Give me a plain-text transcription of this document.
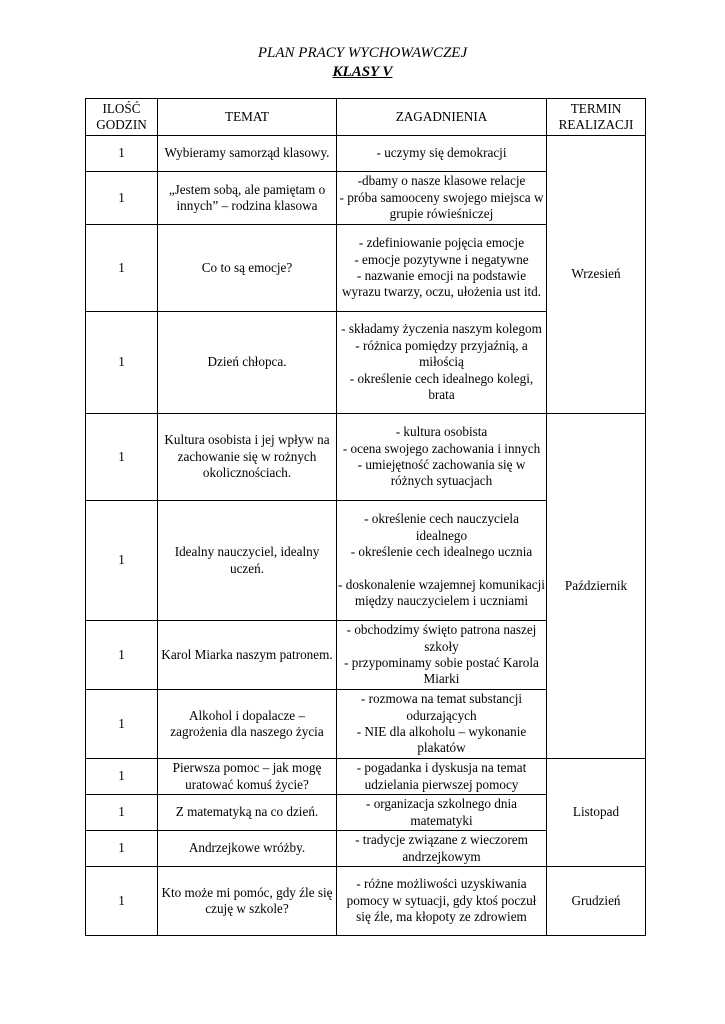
PLAN PRACY WYCHOWAWCZEJ
KLASY V
ILOŚĆ
GODZIN	TEMAT	ZAGADNIENIA	TERMIN
REALIZACJI

1	Wybieramy samorząd klasowy.	- uczymy się demokracji	Wrzesień
1	„Jestem sobą, ale pamiętam o innych” – rodzina klasowa	-dbamy o nasze klasowe relacje
- próba samooceny swojego miejsca w grupie rówieśniczej	

1	Co to są emocje?	- zdefiniowanie pojęcia emocje
- emocje pozytywne i negatywne
- nazwanie emocji na podstawie wyrazu twarzy, oczu, ułożenia ust itd.	

1	Dzień chłopca.	- składamy życzenia naszym kolegom
- różnica pomiędzy przyjaźnią, a miłością
- określenie cech idealnego kolegi, brata	

1	Kultura osobista i jej wpływ na zachowanie się w rożnych okolicznościach.	- kultura osobista
- ocena swojego zachowania i innych
- umiejętność zachowania się w różnych sytuacjach	Październik
1	Idealny nauczyciel, idealny uczeń.	- określenie cech nauczyciela idealnego
- określenie cech idealnego ucznia

- doskonalenie wzajemnej komunikacji między nauczycielem i uczniami	

1	Karol Miarka naszym patronem.	- obchodzimy święto patrona naszej szkoły
- przypominamy sobie postać Karola Miarki	

1	Alkohol i dopalacze – zagrożenia dla naszego życia	- rozmowa na temat substancji odurzających
- NIE dla alkoholu – wykonanie plakatów	

1	Pierwsza pomoc – jak mogę uratować komuś życie?	- pogadanka i dyskusja na temat udzielania pierwszej pomocy	Listopad
1	Z matematyką na co dzień.	- organizacja szkolnego dnia matematyki	

1	Andrzejkowe wróżby.	- tradycje związane z wieczorem andrzejkowym	

1	Kto może mi pomóc, gdy źle się czuję w szkole?	- różne możliwości uzyskiwania pomocy w sytuacji, gdy ktoś poczuł się źle, ma kłopoty ze zdrowiem	Grudzień
